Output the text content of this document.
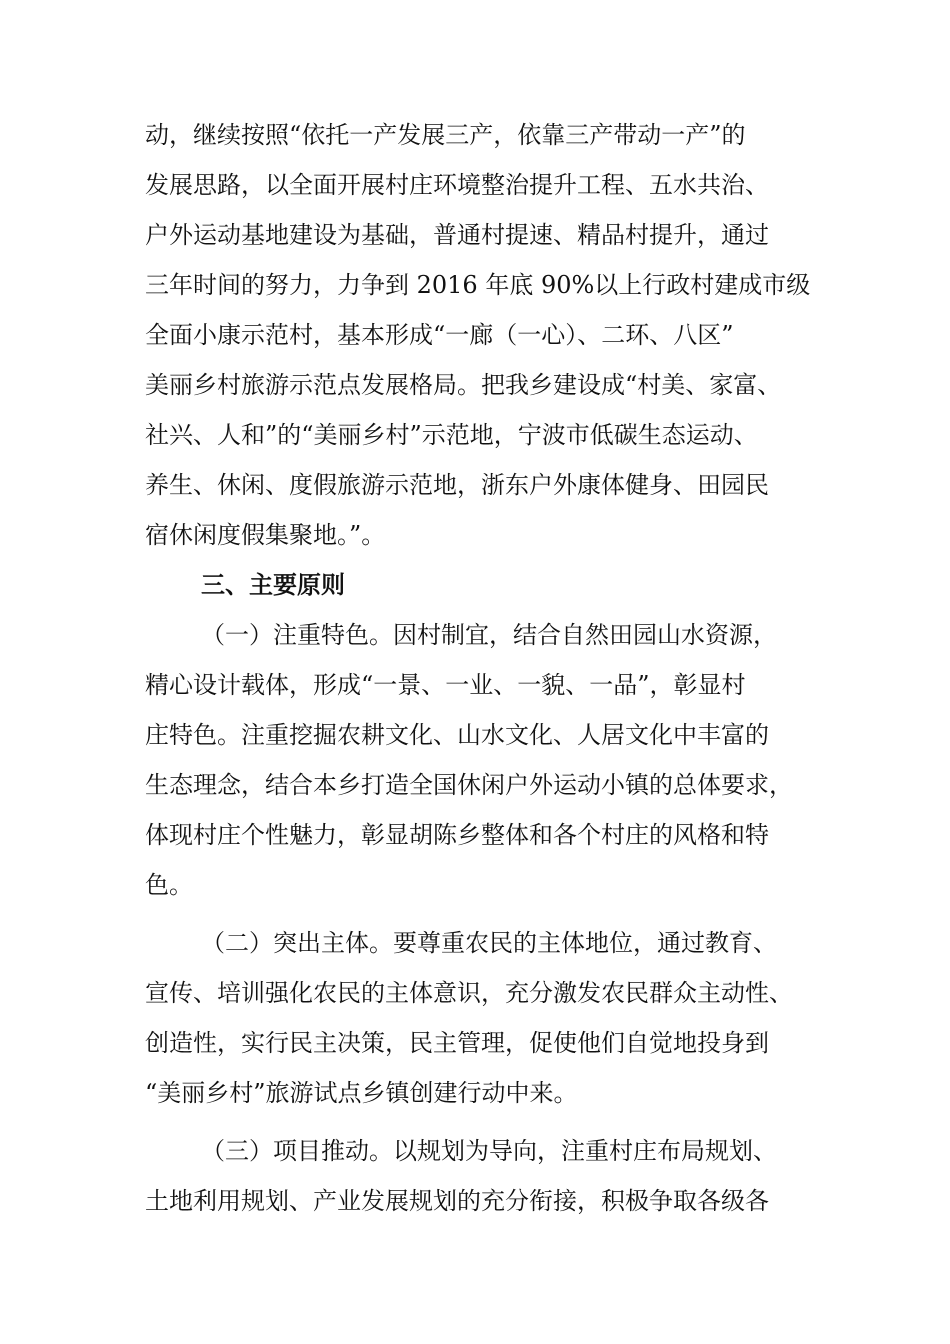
动，继续按照“依托一产发展三产，依靠三产带动一产”的
发展思路，以全面开展村庄环境整治提升工程、五水共治、
户外运动基地建设为基础，普通村提速、精品村提升，通过
三年时间的努力，力争到 2016 年底 90%以上行政村建成市级
全面小康示范村，基本形成“一廊（一心）、二环、八区”
美丽乡村旅游示范点发展格局。把我乡建设成“村美、家富、
社兴、人和”的“美丽乡村”示范地，宁波市低碳生态运动、
养生、休闲、度假旅游示范地，浙东户外康体健身、田园民
宿休闲度假集聚地。”。
三、主要原则
（一）注重特色。因村制宜，结合自然田园山水资源，
精心设计载体，形成“一景、一业、一貌、一品”，彰显村
庄特色。注重挖掘农耕文化、山水文化、人居文化中丰富的
生态理念，结合本乡打造全国休闲户外运动小镇的总体要求，
体现村庄个性魅力，彰显胡陈乡整体和各个村庄的风格和特
色。
（二）突出主体。要尊重农民的主体地位，通过教育、
宣传、培训强化农民的主体意识，充分激发农民群众主动性、
创造性，实行民主决策，民主管理，促使他们自觉地投身到
“美丽乡村”旅游试点乡镇创建行动中来。
（三）项目推动。以规划为导向，注重村庄布局规划、
土地利用规划、产业发展规划的充分衔接，积极争取各级各
